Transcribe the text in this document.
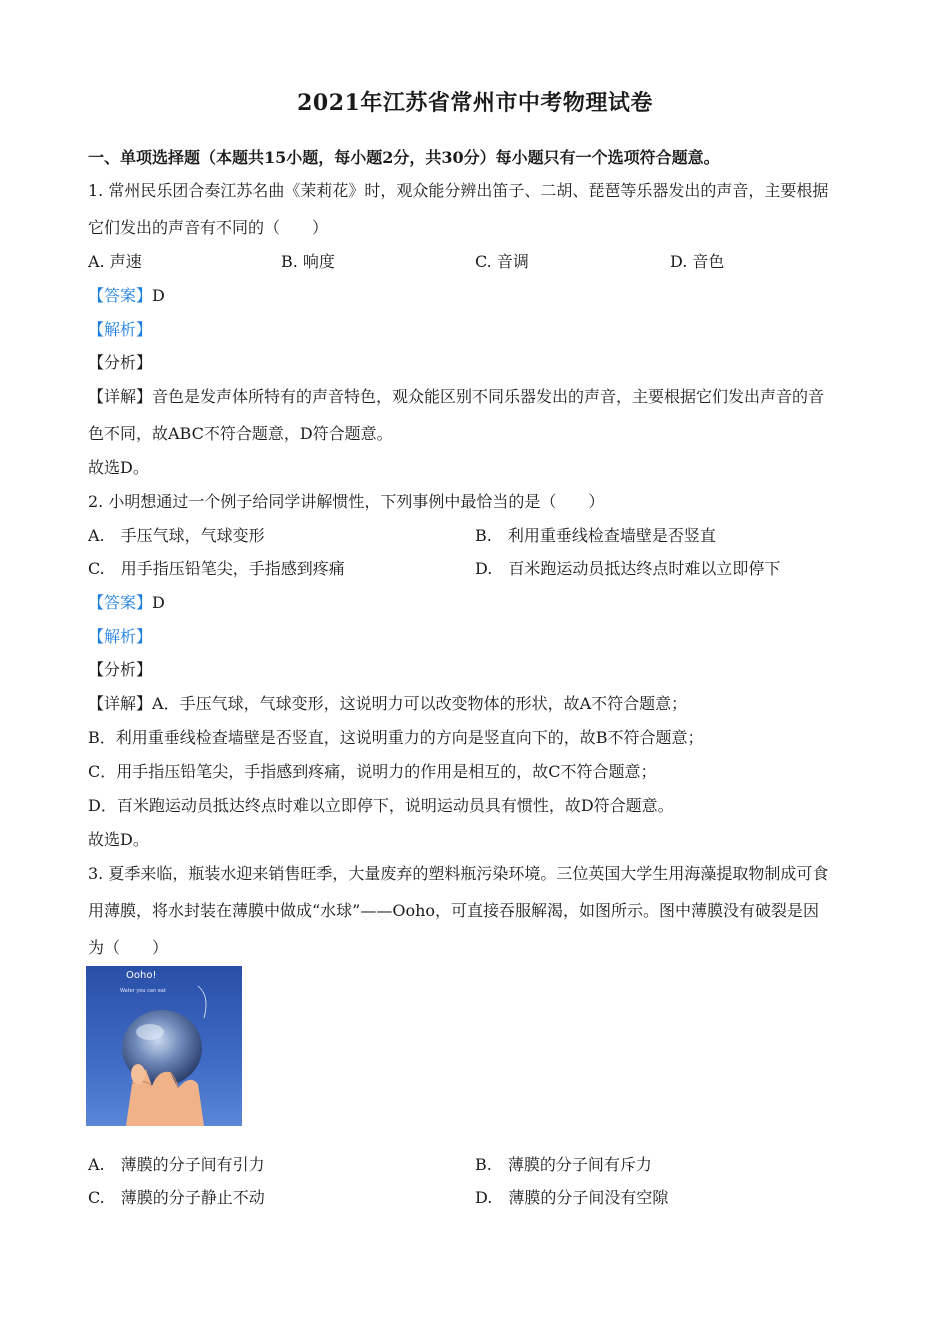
2021年江苏省常州市中考物理试卷
一、单项选择题（本题共15小题，每小题2分，共30分）每小题只有一个选项符合题意。
1. 常州民乐团合奏江苏名曲《茉莉花》时，观众能分辨出笛子、二胡、琵琶等乐器发出的声音，主要根据
它们发出的声音有不同的（　　）
A. 声速	B. 响度	C. 音调	D. 音色
【答案】D
【解析】
【分析】
【详解】音色是发声体所特有的声音特色，观众能区别不同乐器发出的声音，主要根据它们发出声音的音
色不同，故ABC不符合题意，D符合题意。
故选D。
2. 小明想通过一个例子给同学讲解惯性，下列事例中最恰当的是（　　）
A.　手压气球，气球变形	B.　利用重垂线检查墙壁是否竖直
C.　用手指压铅笔尖，手指感到疼痛	D.　百米跑运动员抵达终点时难以立即停下
【答案】D
【解析】
【分析】
【详解】A．手压气球，气球变形，这说明力可以改变物体的形状，故A不符合题意；
B．利用重垂线检查墙壁是否竖直，这说明重力的方向是竖直向下的，故B不符合题意；
C．用手指压铅笔尖，手指感到疼痛，说明力的作用是相互的，故C不符合题意；
D．百米跑运动员抵达终点时难以立即停下，说明运动员具有惯性，故D符合题意。
故选D。
3. 夏季来临，瓶装水迎来销售旺季，大量废弃的塑料瓶污染环境。三位英国大学生用海藻提取物制成可食
用薄膜，将水封装在薄膜中做成“水球”——Ooho，可直接吞服解渴，如图所示。图中薄膜没有破裂是因
为（　　）
Ooho!
Water you can eat
A.　薄膜的分子间有引力	B.　薄膜的分子间有斥力
C.　薄膜的分子静止不动	D.　薄膜的分子间没有空隙
